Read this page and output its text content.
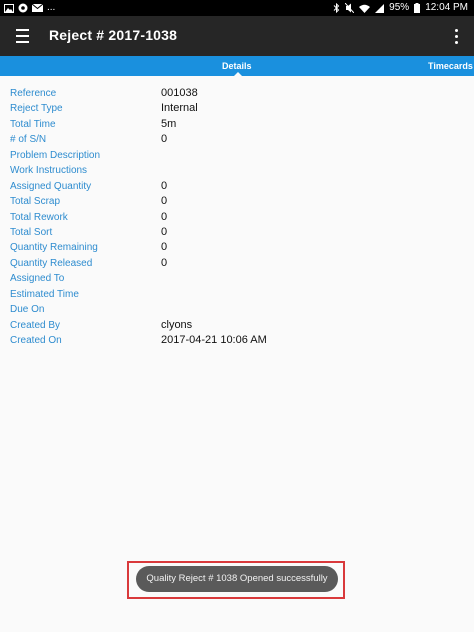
...	95% 12:04 PM
Reject # 2017-1038
Details	Timecards
Reference	001038
Reject Type	Internal
Total Time	5m
# of S/N	0
Problem Description
Work Instructions
Assigned Quantity	0
Total Scrap	0
Total Rework	0
Total Sort	0
Quantity Remaining	0
Quantity Released	0
Assigned To
Estimated Time
Due On
Created By	clyons
Created On	2017-04-21 10:06 AM
Quality Reject # 1038 Opened successfully
